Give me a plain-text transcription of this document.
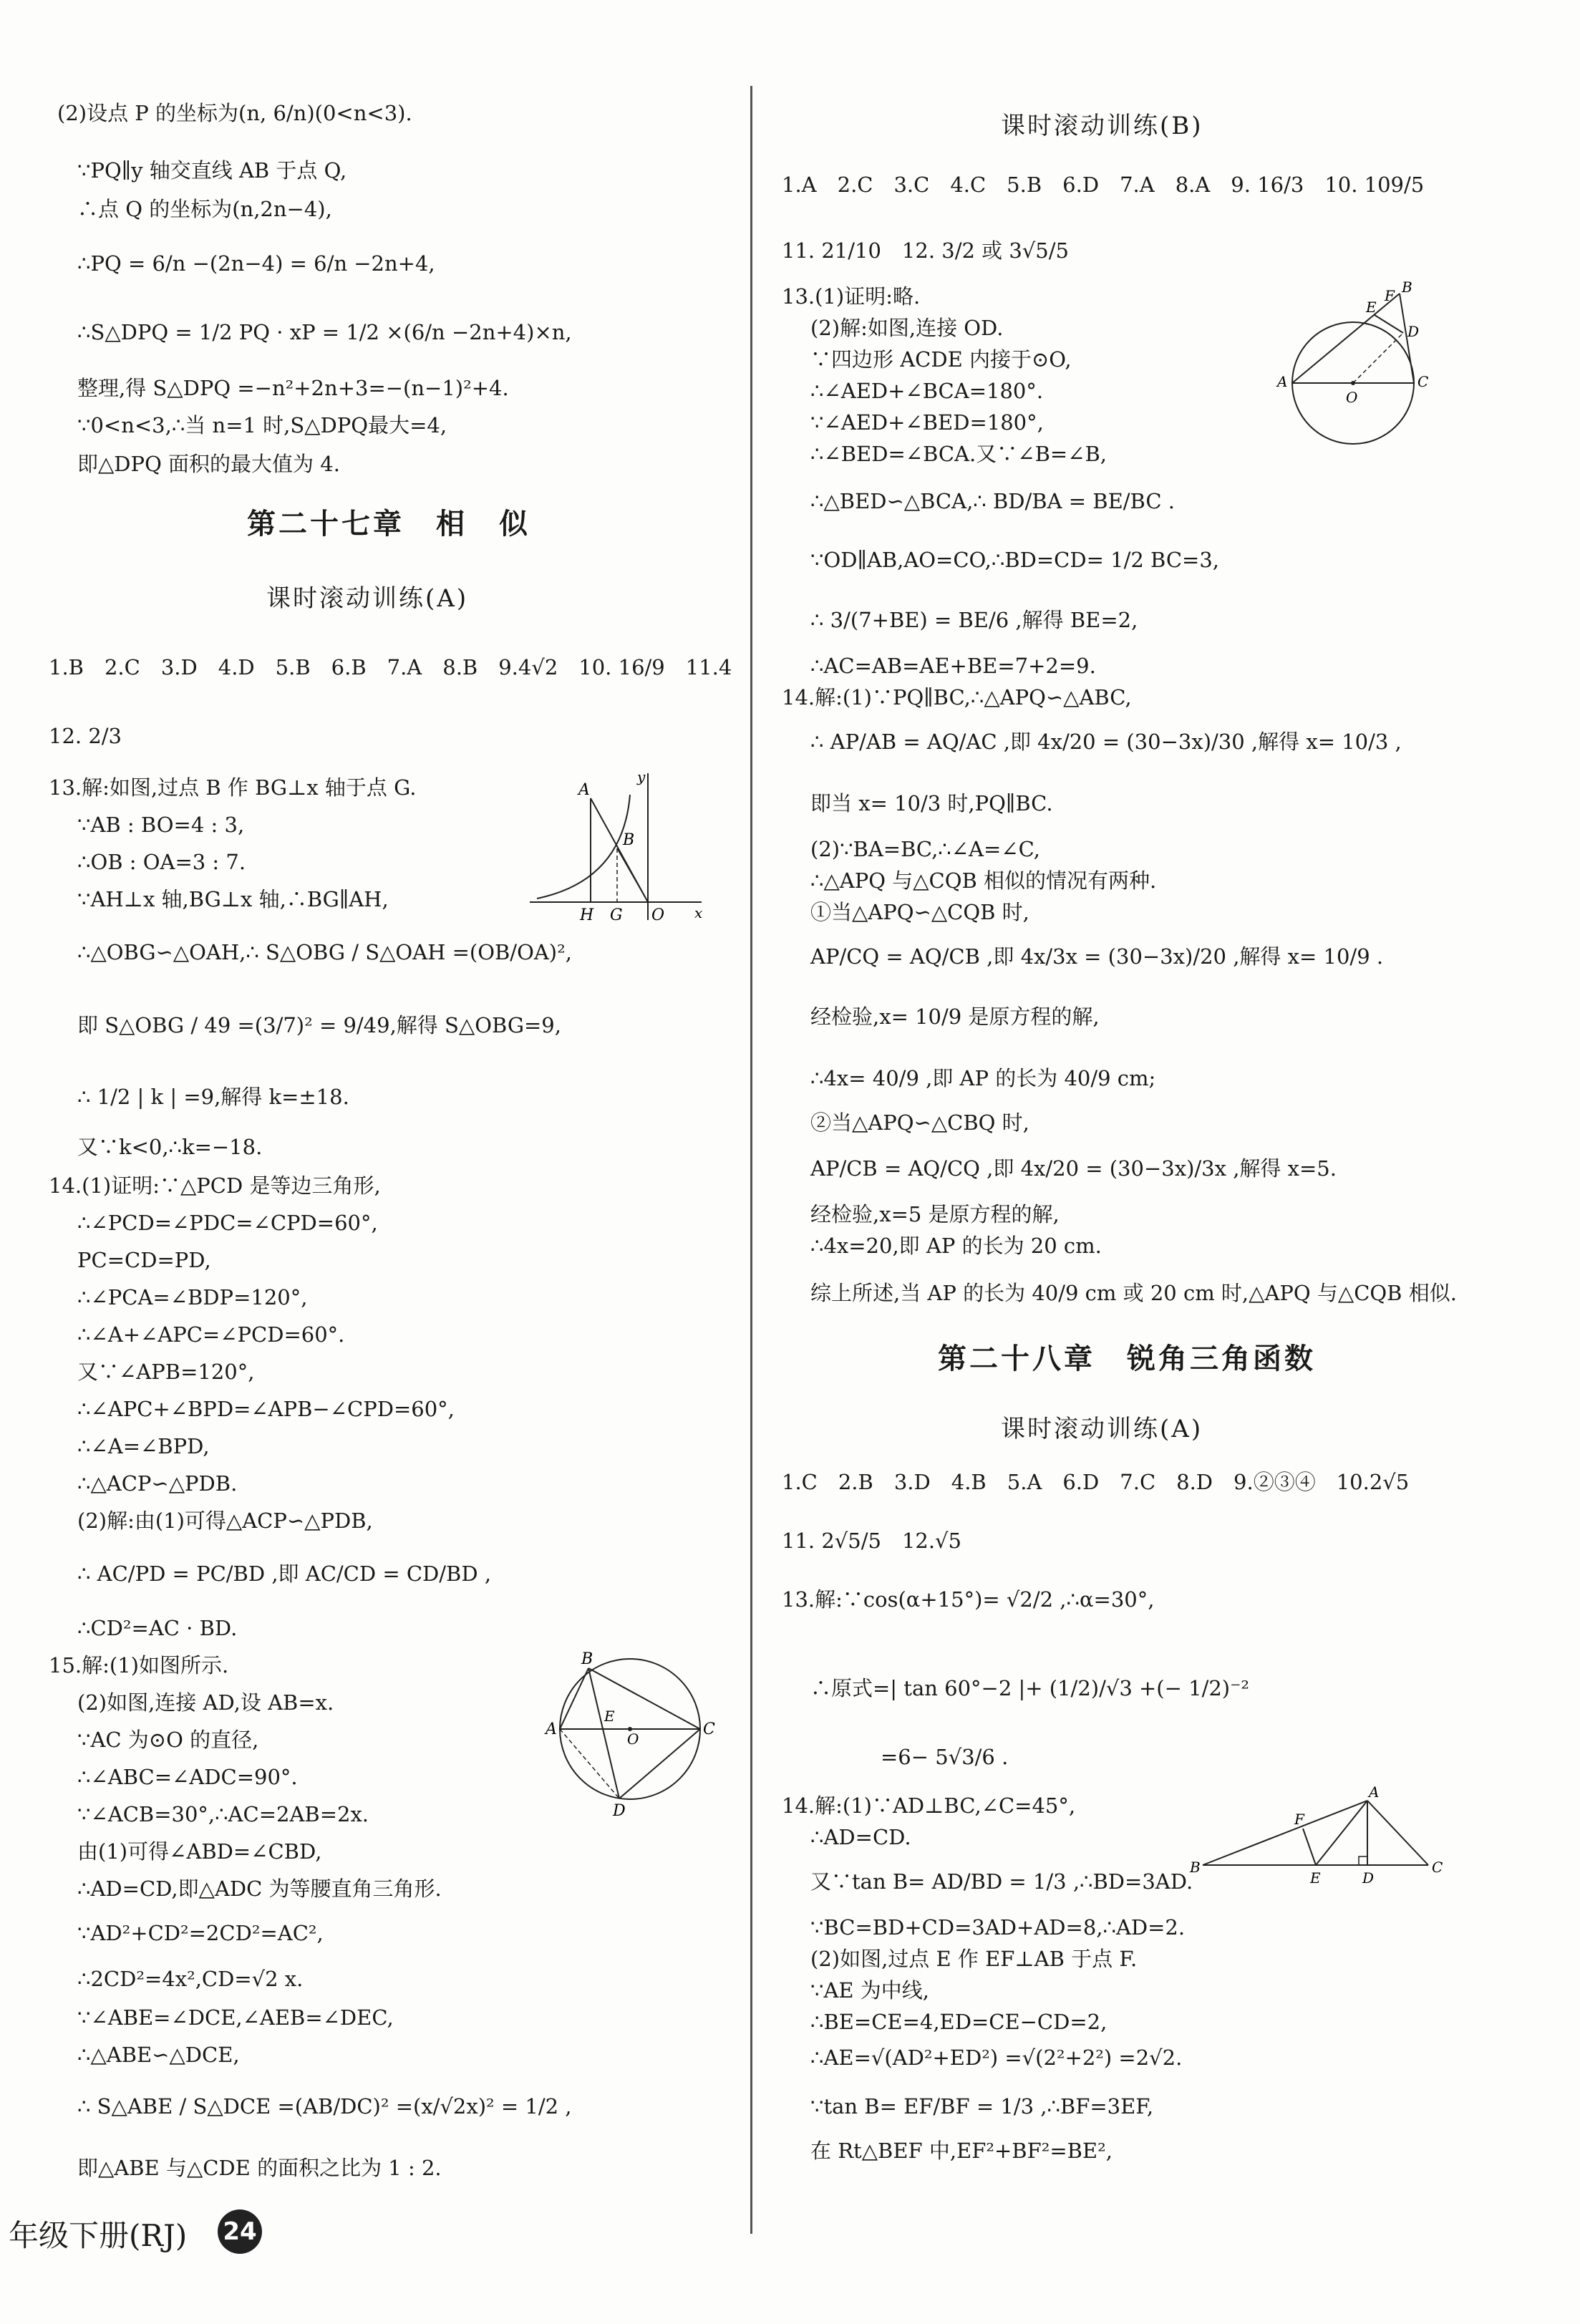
(2)设点 P 的坐标为(n, 6/n)(0<n<3).
∵PQ∥y 轴交直线 AB 于点 Q,
∴点 Q 的坐标为(n,2n−4),
∴PQ = 6/n −(2n−4) = 6/n −2n+4,
∴S△DPQ = 1/2 PQ · xP = 1/2 ×(6/n −2n+4)×n,
整理,得 S△DPQ =−n²+2n+3=−(n−1)²+4.
∵0<n<3,∴当 n=1 时,S△DPQ最大=4,
即△DPQ 面积的最大值为 4.
第二十七章　相　似
课时滚动训练(A)
1.B　2.C　3.D　4.D　5.B　6.B　7.A　8.B　9.4√2　10. 16/9　11.4
12. 2/3
13.解:如图,过点 B 作 BG⊥x 轴于点 G.
∵AB : BO=4 : 3,
∴OB : OA=3 : 7.
∵AH⊥x 轴,BG⊥x 轴,∴BG∥AH,
∴△OBG∽△OAH,∴ S△OBG / S△OAH =(OB/OA)²,
即 S△OBG / 49 =(3/7)² = 9/49,解得 S△OBG=9,
∴ 1/2 | k | =9,解得 k=±18.
又∵k<0,∴k=−18.
A
B
H G O x
y
14.(1)证明:∵△PCD 是等边三角形,
∴∠PCD=∠PDC=∠CPD=60°,
PC=CD=PD,
∴∠PCA=∠BDP=120°,
∴∠A+∠APC=∠PCD=60°.
又∵∠APB=120°,
∴∠APC+∠BPD=∠APB−∠CPD=60°,
∴∠A=∠BPD,
∴△ACP∽△PDB.
(2)解:由(1)可得△ACP∽△PDB,
∴ AC/PD = PC/BD ,即 AC/CD = CD/BD ,
∴CD²=AC · BD.
15.解:(1)如图所示.
(2)如图,连接 AD,设 AB=x.
∵AC 为⊙O 的直径,
∴∠ABC=∠ADC=90°.
∵∠ACB=30°,∴AC=2AB=2x.
由(1)可得∠ABD=∠CBD,
∴AD=CD,即△ADC 为等腰直角三角形.
∵AD²+CD²=2CD²=AC²,
∴2CD²=4x²,CD=√2 x.
∵∠ABE=∠DCE,∠AEB=∠DEC,
∴△ABE∽△DCE,
∴ S△ABE / S△DCE =(AB/DC)² =(x/√2x)² = 1/2 ,
即△ABE 与△CDE 的面积之比为 1 : 2.
B
A	C
E
O
D
课时滚动训练(B)
1.A　2.C　3.C　4.C　5.B　6.D　7.A　8.A　9. 16/3　10. 109/5
11. 21/10　12. 3/2 或 3√5/5
13.(1)证明:略.
(2)解:如图,连接 OD.
∵四边形 ACDE 内接于⊙O,
∴∠AED+∠BCA=180°.
∵∠AED+∠BED=180°,
∴∠BED=∠BCA.又∵∠B=∠B,
∴△BED∽△BCA,∴ BD/BA = BE/BC .
∵OD∥AB,AO=CO,∴BD=CD= 1/2 BC=3,
∴ 3/(7+BE) = BE/6 ,解得 BE=2,
∴AC=AB=AE+BE=7+2=9.
B
F
E
D
A	C
O
14.解:(1)∵PQ∥BC,∴△APQ∽△ABC,
∴ AP/AB = AQ/AC ,即 4x/20 = (30−3x)/30 ,解得 x= 10/3 ,
即当 x= 10/3 时,PQ∥BC.
(2)∵BA=BC,∴∠A=∠C,
∴△APQ 与△CQB 相似的情况有两种.
①当△APQ∽△CQB 时,
AP/CQ = AQ/CB ,即 4x/3x = (30−3x)/20 ,解得 x= 10/9 .
经检验,x= 10/9 是原方程的解,
∴4x= 40/9 ,即 AP 的长为 40/9 cm;
②当△APQ∽△CBQ 时,
AP/CB = AQ/CQ ,即 4x/20 = (30−3x)/3x ,解得 x=5.
经检验,x=5 是原方程的解,
∴4x=20,即 AP 的长为 20 cm.
综上所述,当 AP 的长为 40/9 cm 或 20 cm 时,△APQ 与△CQB 相似.
第二十八章　锐角三角函数
课时滚动训练(A)
1.C　2.B　3.D　4.B　5.A　6.D　7.C　8.D　9.②③④　10.2√5
11. 2√5/5　12.√5
13.解:∵cos(α+15°)= √2/2 ,∴α=30°,
∴原式=| tan 60°−2 |+ (1/2)/√3 +(− 1/2)⁻²
=6− 5√3/6 .
14.解:(1)∵AD⊥BC,∠C=45°,
∴AD=CD.
又∵tan B= AD/BD = 1/3 ,∴BD=3AD.
∵BC=BD+CD=3AD+AD=8,∴AD=2.
(2)如图,过点 E 作 EF⊥AB 于点 F.
∵AE 为中线,
∴BE=CE=4,ED=CE−CD=2,
∴AE=√(AD²+ED²) =√(2²+2²) =2√2.
∵tan B= EF/BF = 1/3 ,∴BF=3EF,
在 Rt△BEF 中,EF²+BF²=BE²,
B
A
C
D
E
F
年级下册(RJ) 24
